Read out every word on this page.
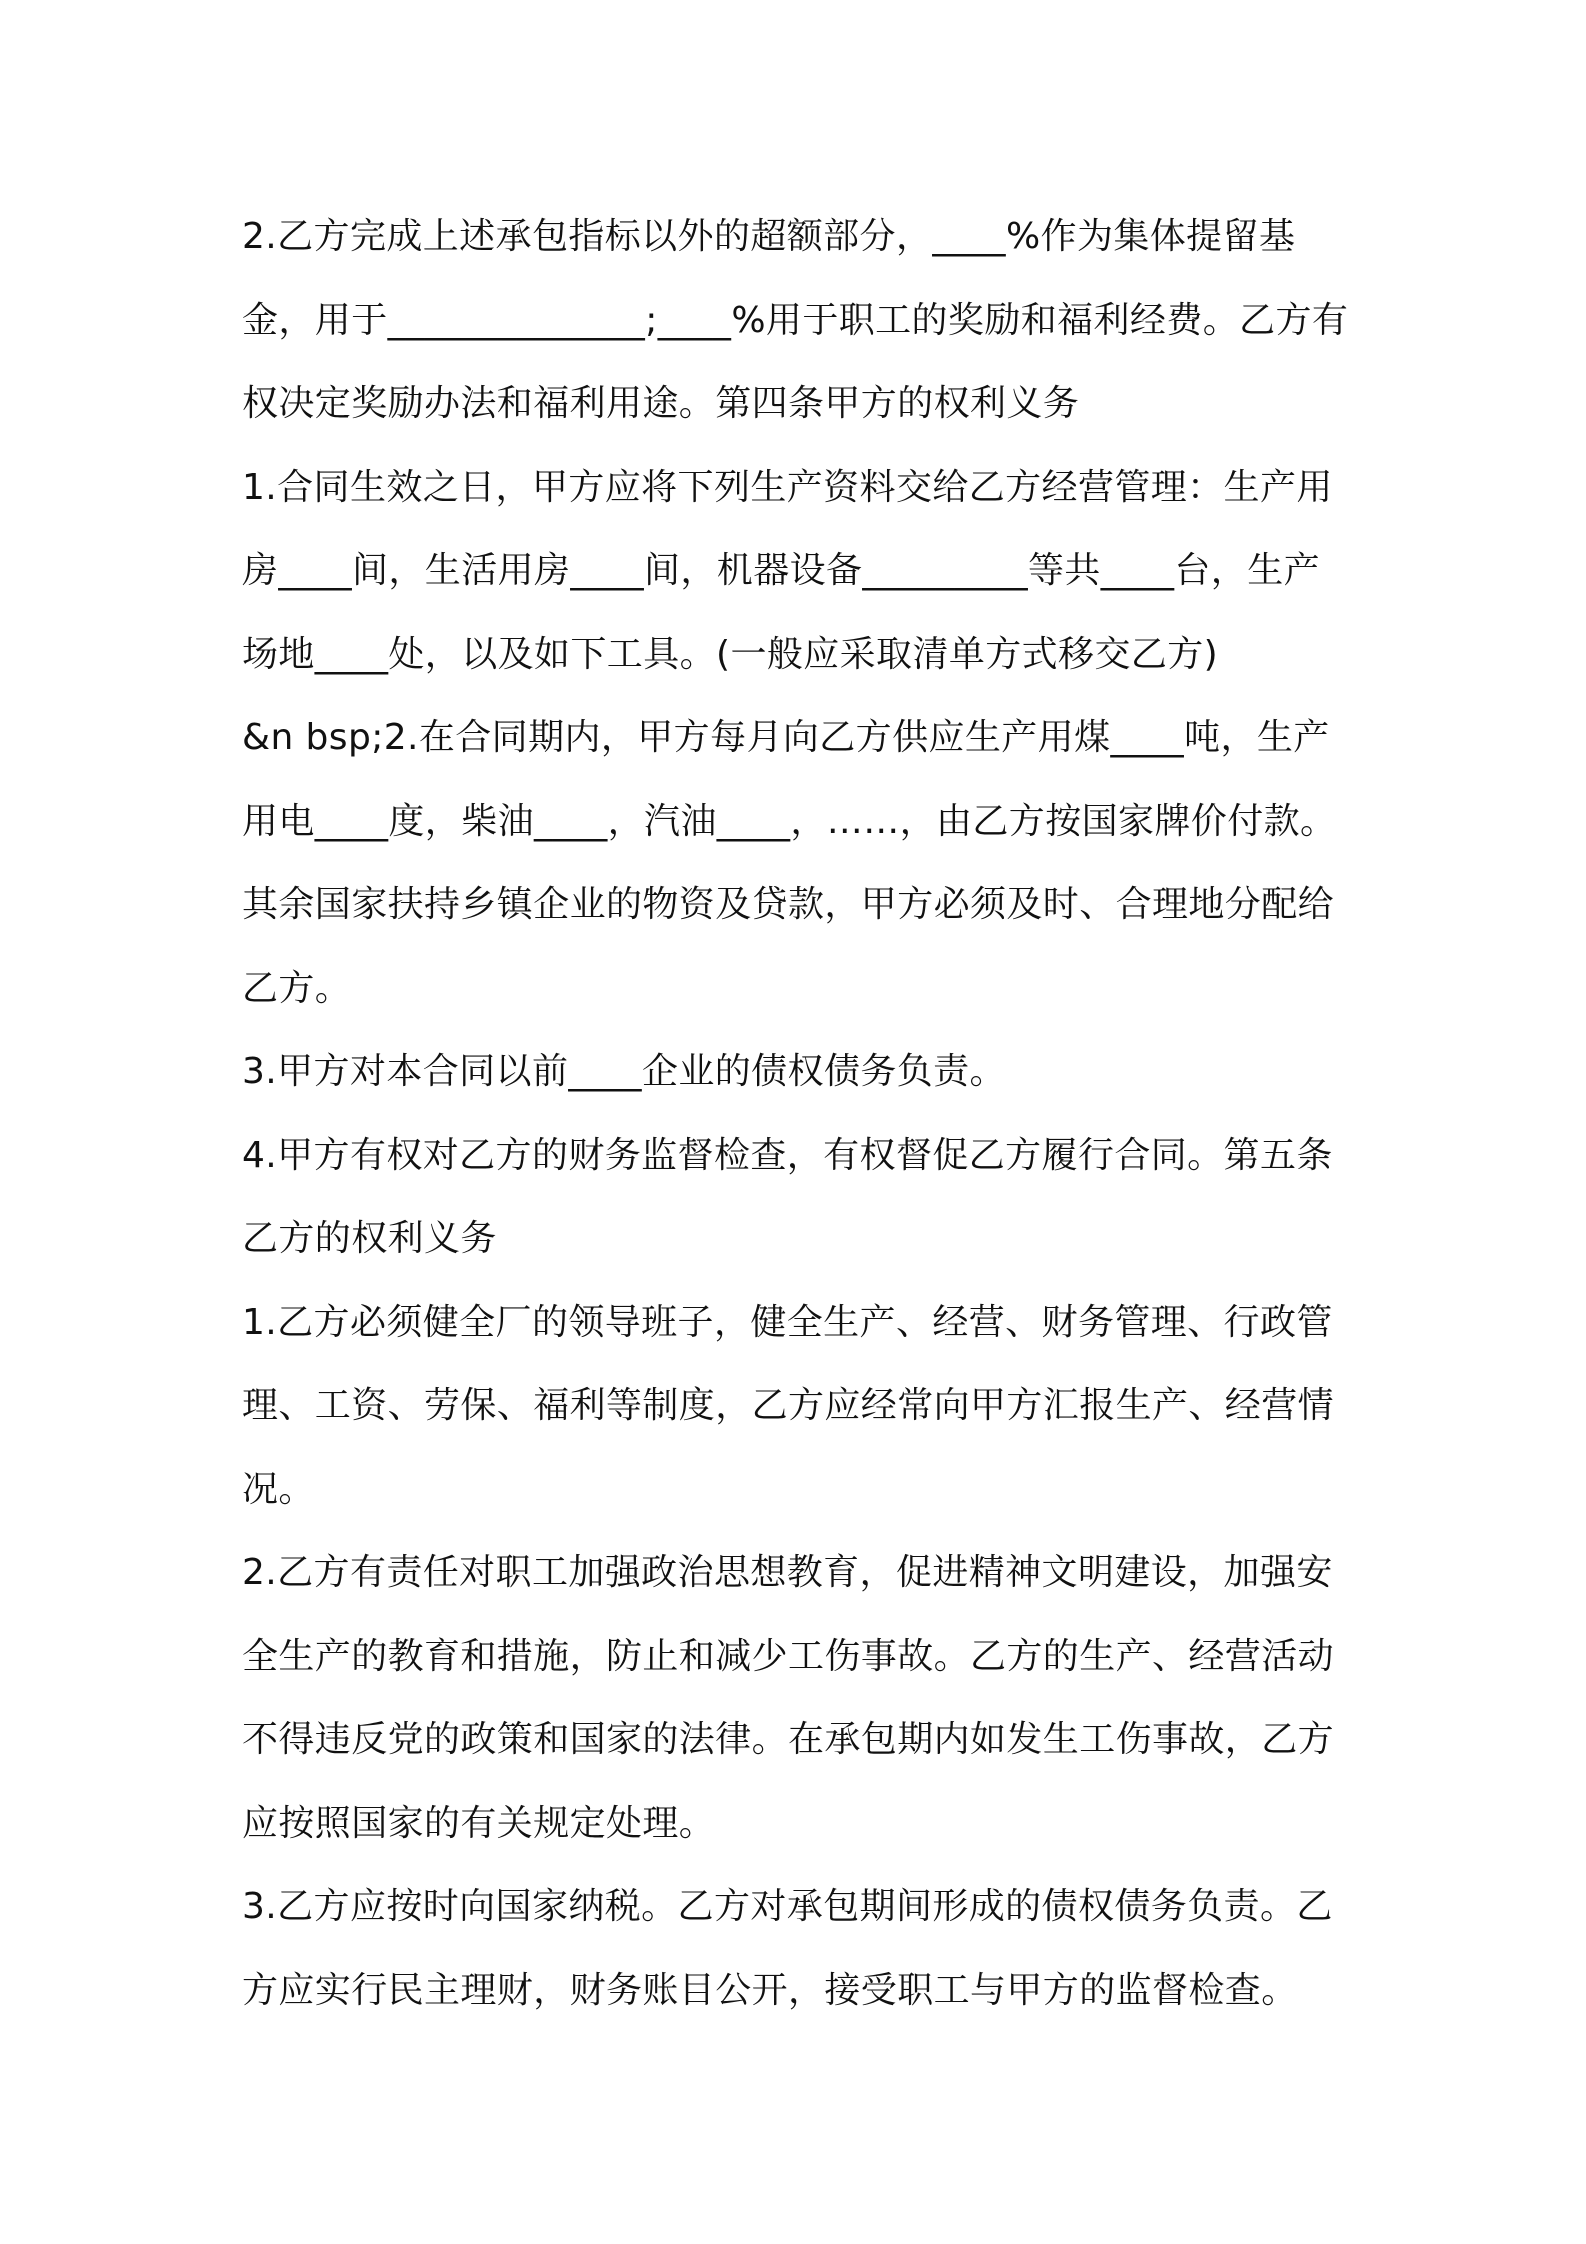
2.乙方完成上述承包指标以外的超额部分，____%作为集体提留基金，用于______________;____%用于职工的奖励和福利经费。乙方有权决定奖励办法和福利用途。第四条甲方的权利义务

1.合同生效之日，甲方应将下列生产资料交给乙方经营管理：生产用房____间，生活用房____间，机器设备_________等共____台，生产场地____处，以及如下工具。(一般应采取清单方式移交乙方)

&n bsp;2.在合同期内，甲方每月向乙方供应生产用煤____吨，生产用电____度，柴油____，汽油____，……，由乙方按国家牌价付款。其余国家扶持乡镇企业的物资及贷款，甲方必须及时、合理地分配给乙方。

3.甲方对本合同以前____企业的债权债务负责。

4.甲方有权对乙方的财务监督检查，有权督促乙方履行合同。第五条乙方的权利义务

1.乙方必须健全厂的领导班子，健全生产、经营、财务管理、行政管理、工资、劳保、福利等制度，乙方应经常向甲方汇报生产、经营情况。

2.乙方有责任对职工加强政治思想教育，促进精神文明建设，加强安全生产的教育和措施，防止和减少工伤事故。乙方的生产、经营活动不得违反党的政策和国家的法律。在承包期内如发生工伤事故，乙方应按照国家的有关规定处理。

3.乙方应按时向国家纳税。乙方对承包期间形成的债权债务负责。乙方应实行民主理财，财务账目公开，接受职工与甲方的监督检查。
